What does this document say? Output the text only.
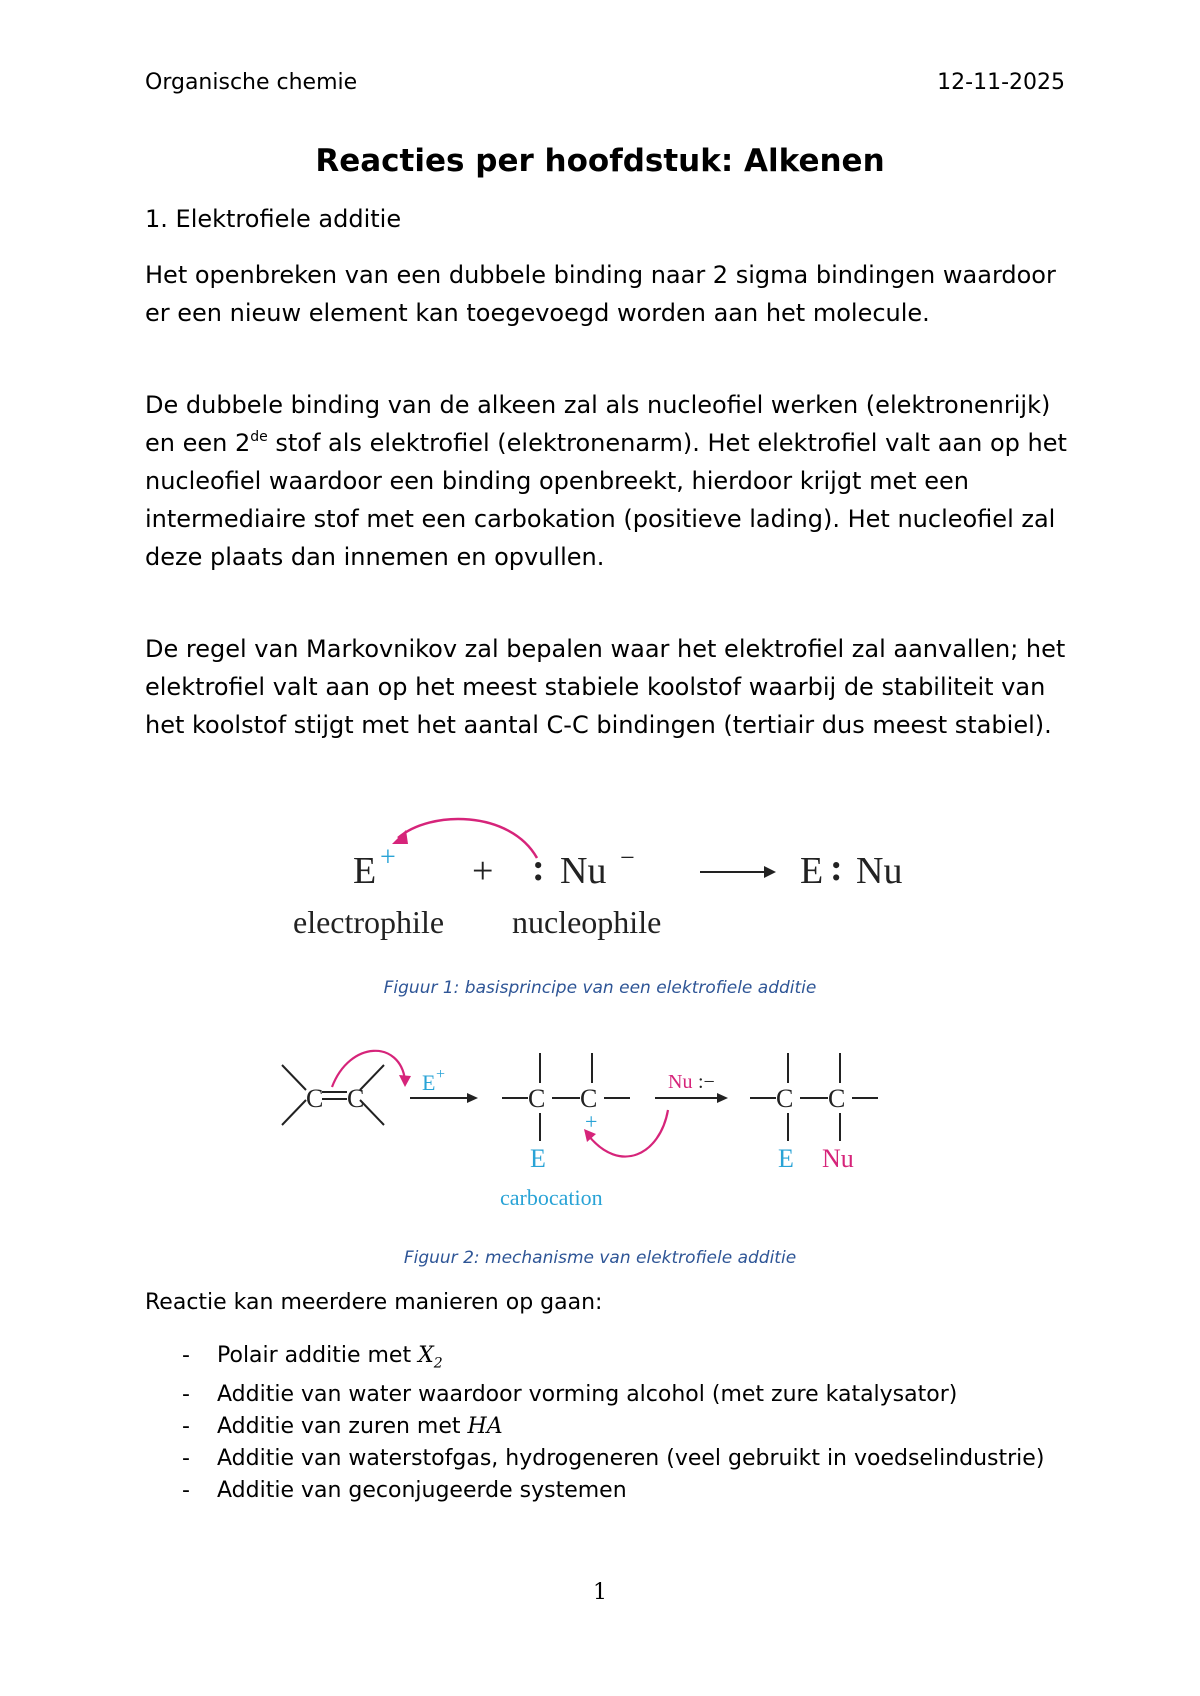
Organische chemie	12-11-2025
Reacties per hoofdstuk: Alkenen
1. Elektrofiele additie

Het openbreken van een dubbele binding naar 2 sigma bindingen waardoor er een nieuw element kan toegevoegd worden aan het molecule.

De dubbele binding van de alkeen zal als nucleofiel werken (elektronenrijk) en een 2de stof als elektrofiel (elektronenarm). Het elektrofiel valt aan op het nucleofiel waardoor een binding openbreekt, hierdoor krijgt met een intermediaire stof met een carbokation (positieve lading). Het nucleofiel zal deze plaats dan innemen en opvullen.

De regel van Markovnikov zal bepalen waar het elektrofiel zal aanvallen; het elektrofiel valt aan op het meest stabiele koolstof waarbij de stabiliteit van het koolstof stijgt met het aantal C-C bindingen (tertiair dus meest stabiel).

E + + : Nu −	E : Nu
electrophile nucleophile
Figuur 1: basisprincipe van een elektrofiele additie
C C
E +
C C
+
E
Nu :−
C C
E Nu
carbocation
Figuur 2: mechanisme van elektrofiele additie
Reactie kan meerdere manieren op gaan:
- Polair additie met $X_2$
- Additie van water waardoor vorming alcohol (met zure katalysator)
- Additie van zuren met HA
- Additie van waterstofgas, hydrogeneren (veel gebruikt in voedselindustrie)
- Additie van geconjugeerde systemen
1
